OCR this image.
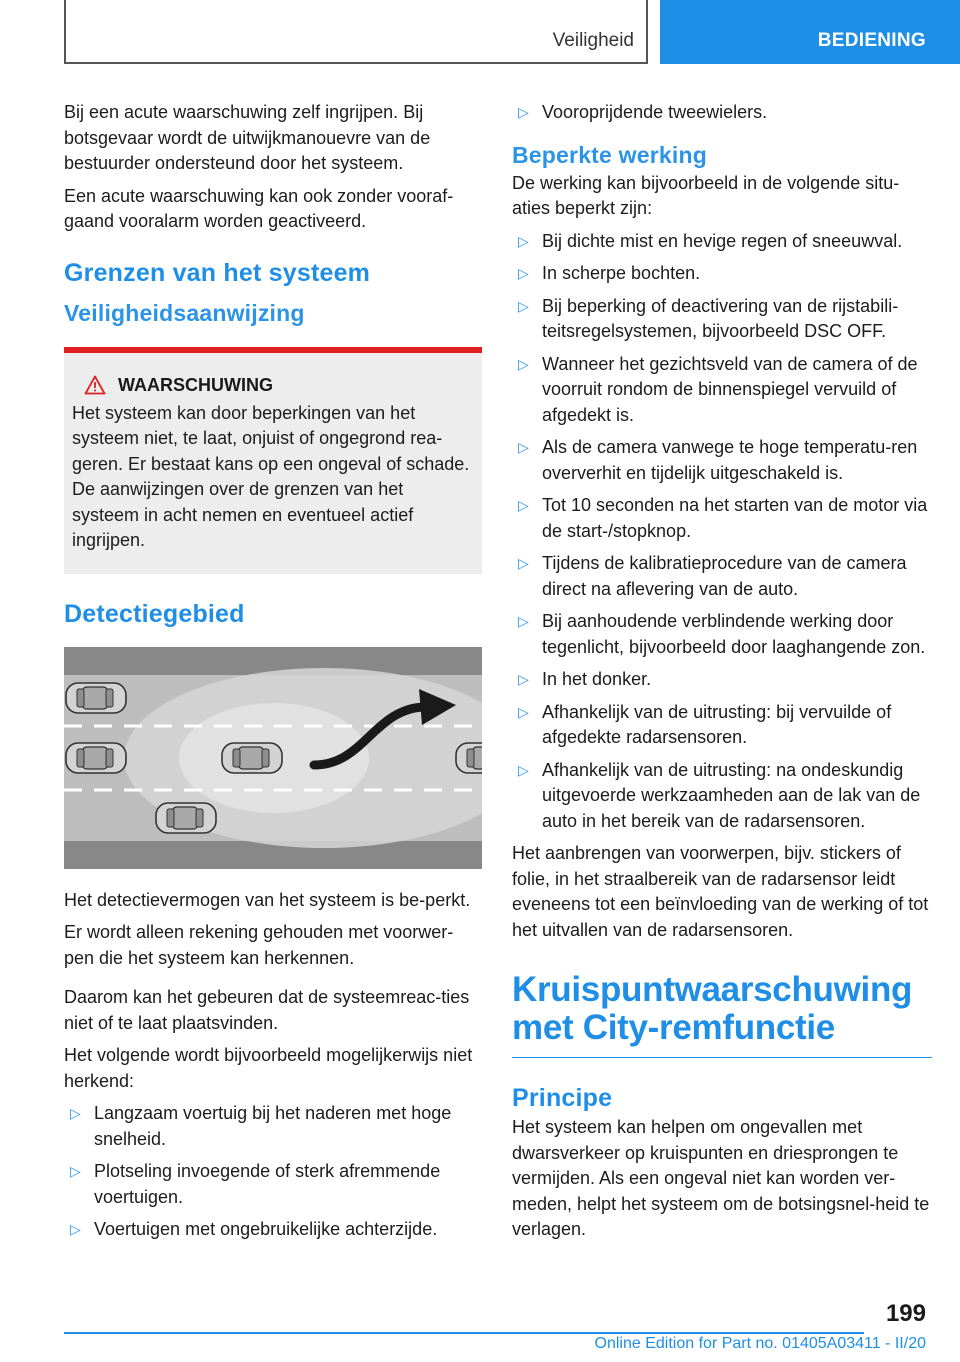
Veiligheid	BEDIENING

Bij een acute waarschuwing zelf ingrijpen. Bij botsgevaar wordt de uitwijkmanouevre van de bestuurder ondersteund door het systeem.

Een acute waarschuwing kan ook zonder vooraf-gaand vooralarm worden geactiveerd.

Grenzen van het systeem
Veiligheidsaanwijzing
WAARSCHUWING

Het systeem kan door beperkingen van het systeem niet, te laat, onjuist of ongegrond rea-geren. Er bestaat kans op een ongeval of schade. De aanwijzingen over de grenzen van het systeem in acht nemen en eventueel actief ingrijpen.

Detectiegebied

Het detectievermogen van het systeem is be-perkt.

Er wordt alleen rekening gehouden met voorwer-pen die het systeem kan herkennen.

Daarom kan het gebeuren dat de systeemreac-ties niet of te laat plaatsvinden.

Het volgende wordt bijvoorbeeld mogelijkerwijs niet herkend:

▷ Langzaam voertuig bij het naderen met hoge snelheid.
▷ Plotseling invoegende of sterk afremmende voertuigen.
▷ Voertuigen met ongebruikelijke achterzijde.
▷ Vooroprijdende tweewielers.
Beperkte werking

De werking kan bijvoorbeeld in de volgende situ-aties beperkt zijn:

▷ Bij dichte mist en hevige regen of sneeuwval.
▷ In scherpe bochten.
▷ Bij beperking of deactivering van de rijstabili-teitsregelsystemen, bijvoorbeeld DSC OFF.
▷ Wanneer het gezichtsveld van de camera of de voorruit rondom de binnenspiegel vervuild of afgedekt is.
▷ Als de camera vanwege te hoge temperatu-ren oververhit en tijdelijk uitgeschakeld is.
▷ Tot 10 seconden na het starten van de motor via de start-/stopknop.
▷ Tijdens de kalibratieprocedure van de camera direct na aflevering van de auto.
▷ Bij aanhoudende verblindende werking door tegenlicht, bijvoorbeeld door laaghangende zon.
▷ In het donker.
▷ Afhankelijk van de uitrusting: bij vervuilde of afgedekte radarsensoren.
▷ Afhankelijk van de uitrusting: na ondeskundig uitgevoerde werkzaamheden aan de lak van de auto in het bereik van de radarsensoren.

Het aanbrengen van voorwerpen, bijv. stickers of folie, in het straalbereik van de radarsensor leidt eveneens tot een beïnvloeding van de werking of tot het uitvallen van de radarsensoren.

Kruispuntwaarschuwing met City-remfunctie
Principe

Het systeem kan helpen om ongevallen met dwarsverkeer op kruispunten en driesprongen te vermijden. Als een ongeval niet kan worden ver-meden, helpt het systeem om de botsingsnel-heid te verlagen.

199
Online Edition for Part no. 01405A03411 - II/20
